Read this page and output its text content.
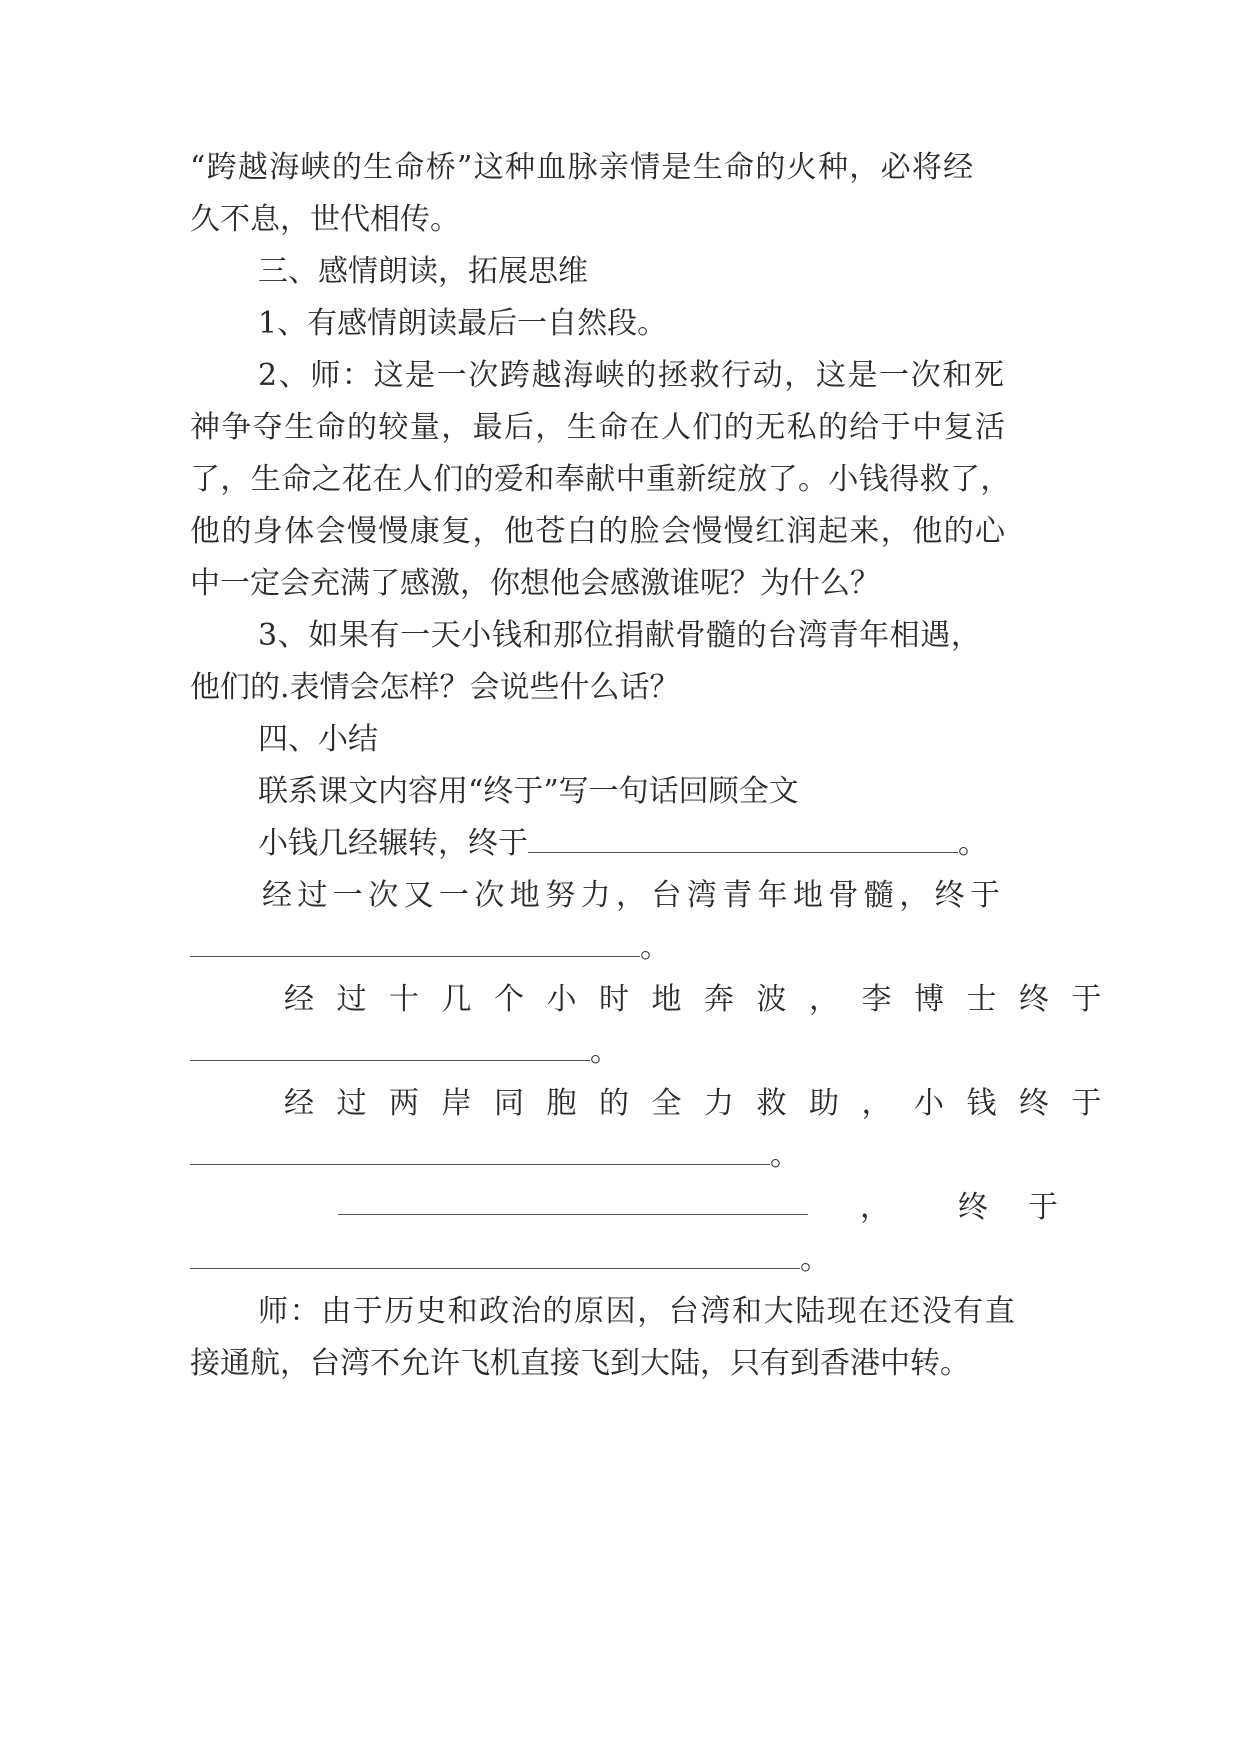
“跨越海峡的生命桥”这种血脉亲情是生命的火种，必将经
久不息，世代相传。
三、感情朗读，拓展思维
1、有感情朗读最后一自然段。
2、师：这是一次跨越海峡的拯救行动，这是一次和死
神争夺生命的较量，最后，生命在人们的无私的给于中复活
了，生命之花在人们的爱和奉献中重新绽放了。小钱得救了，
他的身体会慢慢康复，他苍白的脸会慢慢红润起来，他的心
中一定会充满了感激，你想他会感激谁呢？为什么？
3、如果有一天小钱和那位捐献骨髓的台湾青年相遇，
他们的.表情会怎样？会说些什么话？
四、小结
联系课文内容用“终于”写一句话回顾全文
小钱几经辗转，终于	。
经过一次又一次地努力，台湾青年地骨髓，终于
。
经过十几个小时地奔波，李博士终于
。
经过两岸同胞的全力救助，小钱终于
。
， 终于
。
师：由于历史和政治的原因，台湾和大陆现在还没有直
接通航，台湾不允许飞机直接飞到大陆，只有到香港中转。
